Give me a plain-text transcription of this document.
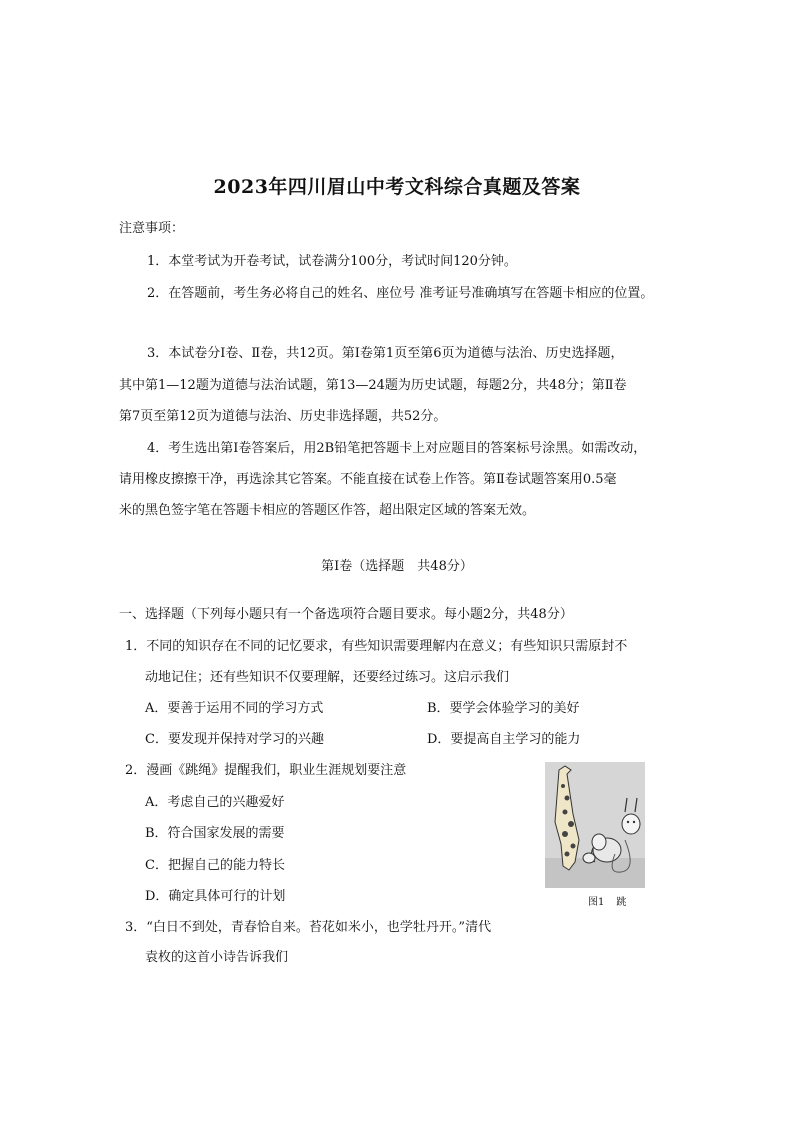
2023年四川眉山中考文科综合真题及答案
注意事项：
1．本堂考试为开卷考试，试卷满分100分，考试时间120分钟。
2．在答题前，考生务必将自己的姓名、座位号 准考证号准确填写在答题卡相应的位置。
3．本试卷分Ⅰ卷、Ⅱ卷，共12页。第Ⅰ卷第1页至第6页为道德与法治、历史选择题，
其中第1—12题为道德与法治试题，第13—24题为历史试题，每题2分，共48分；第Ⅱ卷
第7页至第12页为道德与法治、历史非选择题，共52分。
4．考生选出第Ⅰ卷答案后，用2B铅笔把答题卡上对应题目的答案标号涂黑。如需改动，
请用橡皮擦擦干净，再选涂其它答案。不能直接在试卷上作答。第Ⅱ卷试题答案用0.5毫
米的黑色签字笔在答题卡相应的答题区作答，超出限定区域的答案无效。
第Ⅰ卷（选择题　共48分）
一、选择题（下列每小题只有一个备选项符合题目要求。每小题2分，共48分）
1．不同的知识存在不同的记忆要求，有些知识需要理解内在意义；有些知识只需原封不
动地记住；还有些知识不仅要理解，还要经过练习。这启示我们
A．要善于运用不同的学习方式	B．要学会体验学习的美好
C．要发现并保持对学习的兴趣	D．要提高自主学习的能力
2．漫画《跳绳》提醒我们，职业生涯规划要注意
A．考虑自己的兴趣爱好
B．符合国家发展的需要
C．把握自己的能力特长
D．确定具体可行的计划	图1 跳
3．“白日不到处，青春恰自来。苔花如米小，也学牡丹开。”清代
袁枚的这首小诗告诉我们
